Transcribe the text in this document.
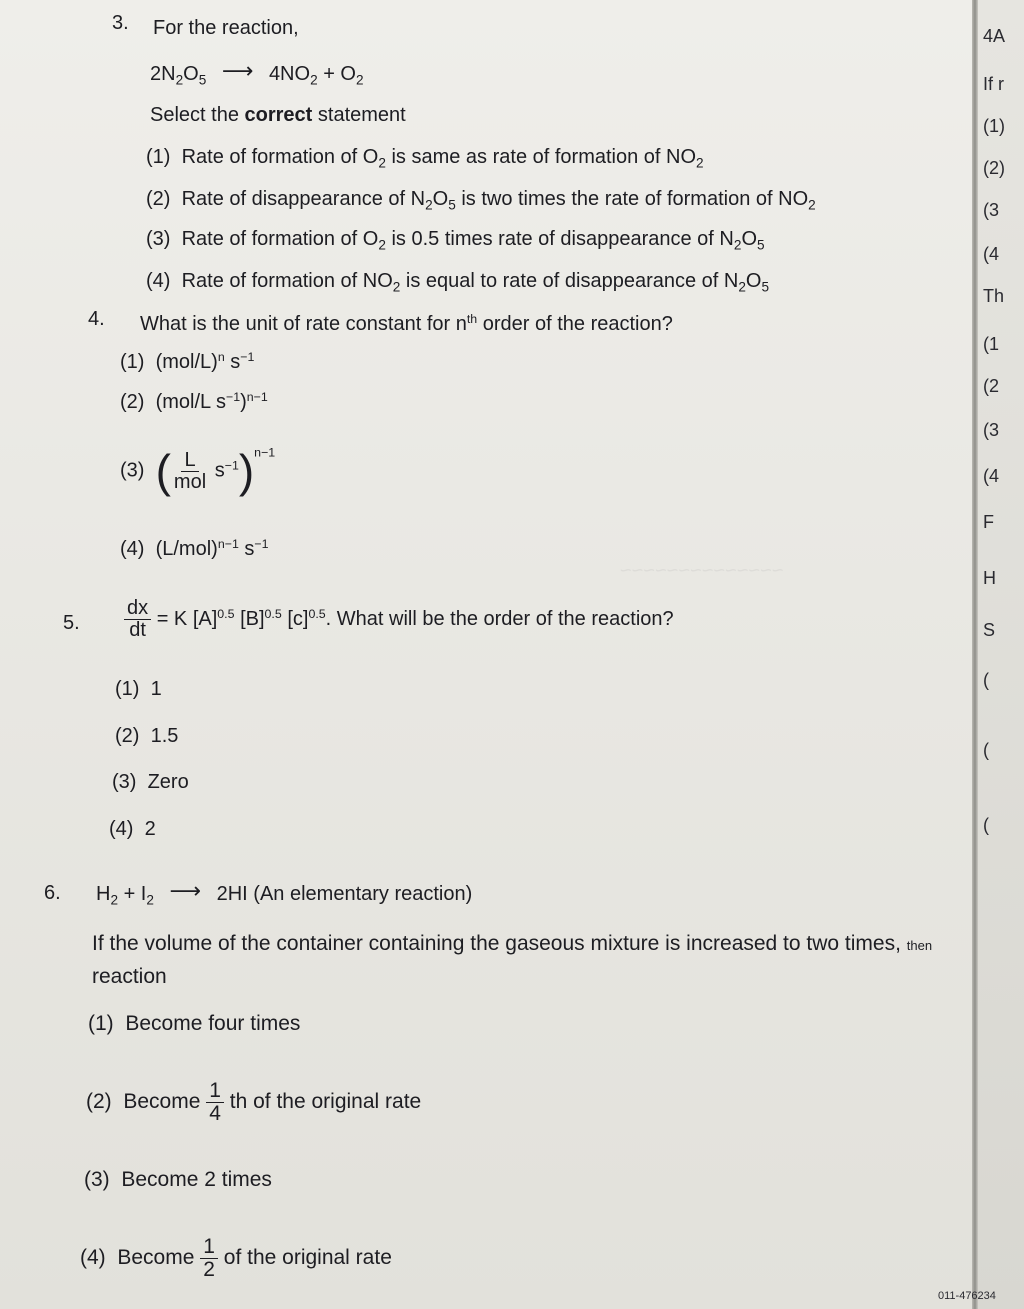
~~~~~~~~~~~~~~
3. For the reaction,
$2N_2O_5$ ⟶ $4NO_2 + O_2$
Select the correct statement
(1) Rate of formation of $O_2$ is same as rate of formation of $NO_2$
(2) Rate of disappearance of $N_2O_5$ is two times the rate of formation of $NO_2$
(3) Rate of formation of $O_2$ is 0.5 times rate of disappearance of $N_2O_5$
(4) Rate of formation of $NO_2$ is equal to rate of disappearance of $N_2O_5$
4. What is the unit of rate constant for $n^{th}$ order of the reaction?
(1) $(mol/L)^n$ $s^{-1}$
(2) (mol/L $s^{-1})^{n-1}$
(3) ( $\frac{L}{\text{mol}} s^{-1})^{n-1}$
(4) $(L/mol)^{n-1}$ $s^{-1}$
5. $\frac{dx}{dt} = K$ $[A]^{0.5}$ $[B]^{0.5}$ $[c]^{0.5}$. What will be the order of the reaction?
(1) 1
(2) 1.5
(3) Zero
(4) 2
6. $H_2 + I_2$ ⟶ 2HI (An elementary reaction)
If the volume of the container containing the gaseous mixture is increased to two times, then
reaction
(1) Become four times
(2) Become $\frac{1}{4}$ th of the original rate
(3) Become 2 times
(4) Become $\frac{1}{2}$ of the original rate
4A
If r
(1)
(2)
(3
(4
Th
(1
(2
(3
(4
F
H
S
(
(
(
011-476234
